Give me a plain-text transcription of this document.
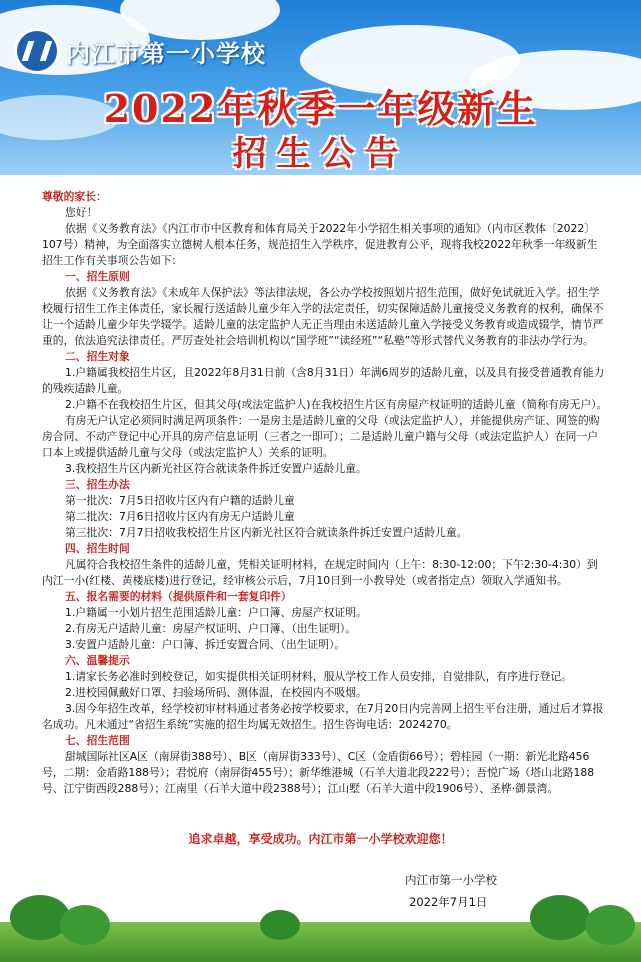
内江市第一小学校
2022年秋季一年级新生
招生公告

尊敬的家长：

您好！

依据《义务教育法》《内江市市中区教育和体育局关于2022年小学招生相关事项的通知》（内市区教体〔2022〕107号）精神，为全面落实立德树人根本任务，规范招生入学秩序，促进教育公平，现将我校2022年秋季一年级新生招生工作有关事项公告如下：

一、招生原则

依据《义务教育法》《未成年人保护法》等法律法规，各公办学校按照划片招生范围，做好免试就近入学。招生学校履行招生工作主体责任，家长履行送适龄儿童少年入学的法定责任，切实保障适龄儿童接受义务教育的权利，确保不让一个适龄儿童少年失学辍学。适龄儿童的法定监护人无正当理由未送适龄儿童入学接受义务教育或造成辍学，情节严重的，依法追究法律责任。严厉查处社会培训机构以“国学班”“读经班”“私塾”等形式替代义务教育的非法办学行为。

二、招生对象

1.户籍属我校招生片区，且2022年8月31日前（含8月31日）年满6周岁的适龄儿童，以及具有接受普通教育能力的残疾适龄儿童。

2.户籍不在我校招生片区，但其父母(或法定监护人)在我校招生片区有房屋产权证明的适龄儿童（简称有房无户）。

有房无户认定必须同时满足两项条件：一是房主是适龄儿童的父母（或法定监护人），并能提供房产证、网签的购房合同、不动产登记中心开具的房产信息证明（三者之一即可）；二是适龄儿童户籍与父母（或法定监护人）在同一户口本上或提供适龄儿童与父母（或法定监护人）关系的证明。

3.我校招生片区内新光社区符合就读条件拆迁安置户适龄儿童。

三、招生办法

第一批次：7月5日招收片区内有户籍的适龄儿童

第二批次：7月6日招收片区内有房无户适龄儿童

第三批次：7月7日招收我校招生片区内新光社区符合就读条件拆迁安置户适龄儿童。

四、招生时间

凡属符合我校招生条件的适龄儿童，凭相关证明材料，在规定时间内（上午：8:30-12:00；下午2:30-4:30）到内江一小(红楼、黄楼底楼)进行登记，经审核公示后，7月10日到一小教导处（或者指定点）领取入学通知书。

五、报名需要的材料（提供原件和一套复印件）

1.户籍属一小划片招生范围适龄儿童：户口簿、房屋产权证明。

2.有房无户适龄儿童：房屋产权证明、户口簿、（出生证明）。

3.安置户适龄儿童：户口簿、拆迁安置合同、（出生证明）。

六、温馨提示

1.请家长务必准时到校登记，如实提供相关证明材料，服从学校工作人员安排，自觉排队，有序进行登记。

2.进校园佩戴好口罩、扫验场所码、测体温，在校园内不吸烟。

3.因今年招生改革，经学校初审材料通过者务必按学校要求，在7月20日内完善网上招生平台注册，通过后才算报名成功。凡未通过“省招生系统”实施的招生均属无效招生。招生咨询电话：2024270。

七、招生范围

甜城国际社区A区（南屏街388号）、B区（南屏街333号）、C区（金盾街66号）；碧桂园（一期：新光北路456号，二期：金盾路188号）；君悦府（南屏街455号）；新华维港城（石羊大道北段222号）；吾悦广场（塔山北路188号、江宁街西段288号）；江南里（石羊大道中段2388号）；江山墅（石羊大道中段1906号）、圣桦·御景湾。

追求卓越，享受成功。内江市第一小学校欢迎您！
内江市第一小学校
2022年7月1日
